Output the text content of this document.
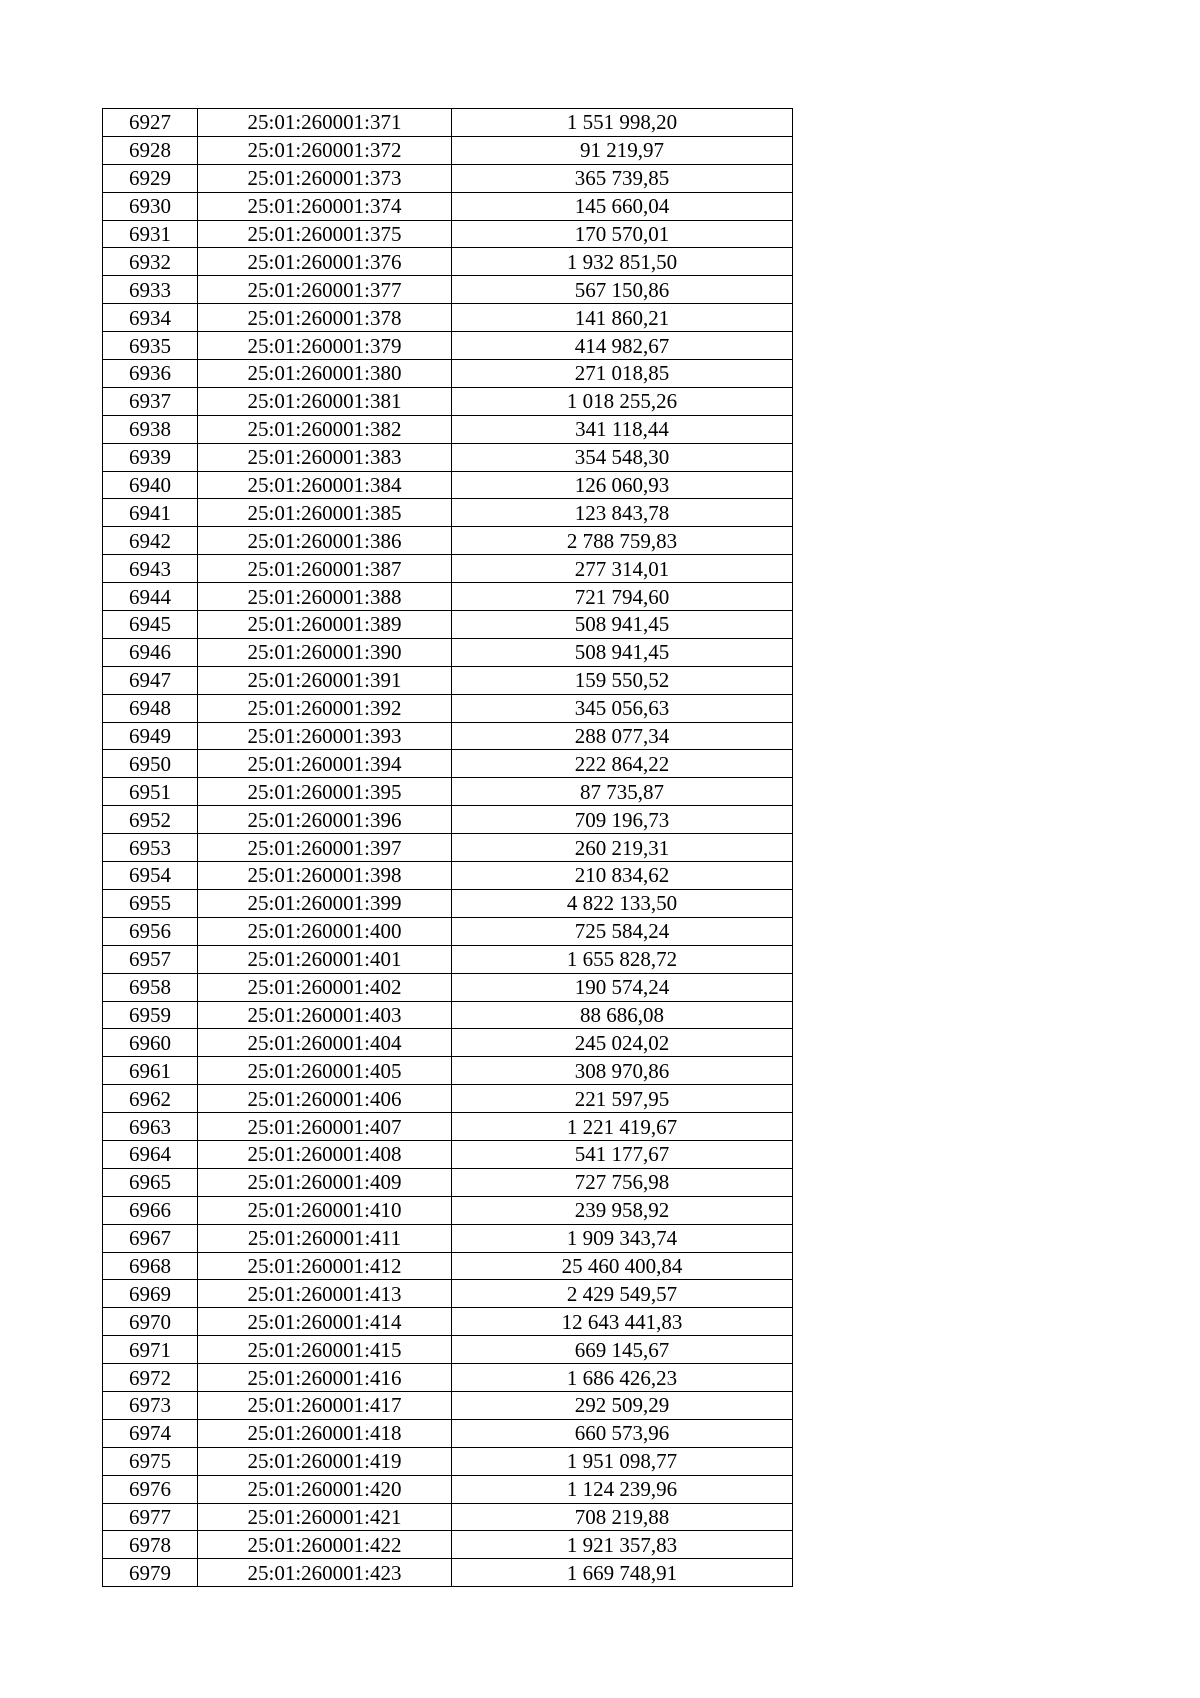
6927	25:01:260001:371	1 551 998,20
6928	25:01:260001:372	91 219,97
6929	25:01:260001:373	365 739,85
6930	25:01:260001:374	145 660,04
6931	25:01:260001:375	170 570,01
6932	25:01:260001:376	1 932 851,50
6933	25:01:260001:377	567 150,86
6934	25:01:260001:378	141 860,21
6935	25:01:260001:379	414 982,67
6936	25:01:260001:380	271 018,85
6937	25:01:260001:381	1 018 255,26
6938	25:01:260001:382	341 118,44
6939	25:01:260001:383	354 548,30
6940	25:01:260001:384	126 060,93
6941	25:01:260001:385	123 843,78
6942	25:01:260001:386	2 788 759,83
6943	25:01:260001:387	277 314,01
6944	25:01:260001:388	721 794,60
6945	25:01:260001:389	508 941,45
6946	25:01:260001:390	508 941,45
6947	25:01:260001:391	159 550,52
6948	25:01:260001:392	345 056,63
6949	25:01:260001:393	288 077,34
6950	25:01:260001:394	222 864,22
6951	25:01:260001:395	87 735,87
6952	25:01:260001:396	709 196,73
6953	25:01:260001:397	260 219,31
6954	25:01:260001:398	210 834,62
6955	25:01:260001:399	4 822 133,50
6956	25:01:260001:400	725 584,24
6957	25:01:260001:401	1 655 828,72
6958	25:01:260001:402	190 574,24
6959	25:01:260001:403	88 686,08
6960	25:01:260001:404	245 024,02
6961	25:01:260001:405	308 970,86
6962	25:01:260001:406	221 597,95
6963	25:01:260001:407	1 221 419,67
6964	25:01:260001:408	541 177,67
6965	25:01:260001:409	727 756,98
6966	25:01:260001:410	239 958,92
6967	25:01:260001:411	1 909 343,74
6968	25:01:260001:412	25 460 400,84
6969	25:01:260001:413	2 429 549,57
6970	25:01:260001:414	12 643 441,83
6971	25:01:260001:415	669 145,67
6972	25:01:260001:416	1 686 426,23
6973	25:01:260001:417	292 509,29
6974	25:01:260001:418	660 573,96
6975	25:01:260001:419	1 951 098,77
6976	25:01:260001:420	1 124 239,96
6977	25:01:260001:421	708 219,88
6978	25:01:260001:422	1 921 357,83
6979	25:01:260001:423	1 669 748,91
